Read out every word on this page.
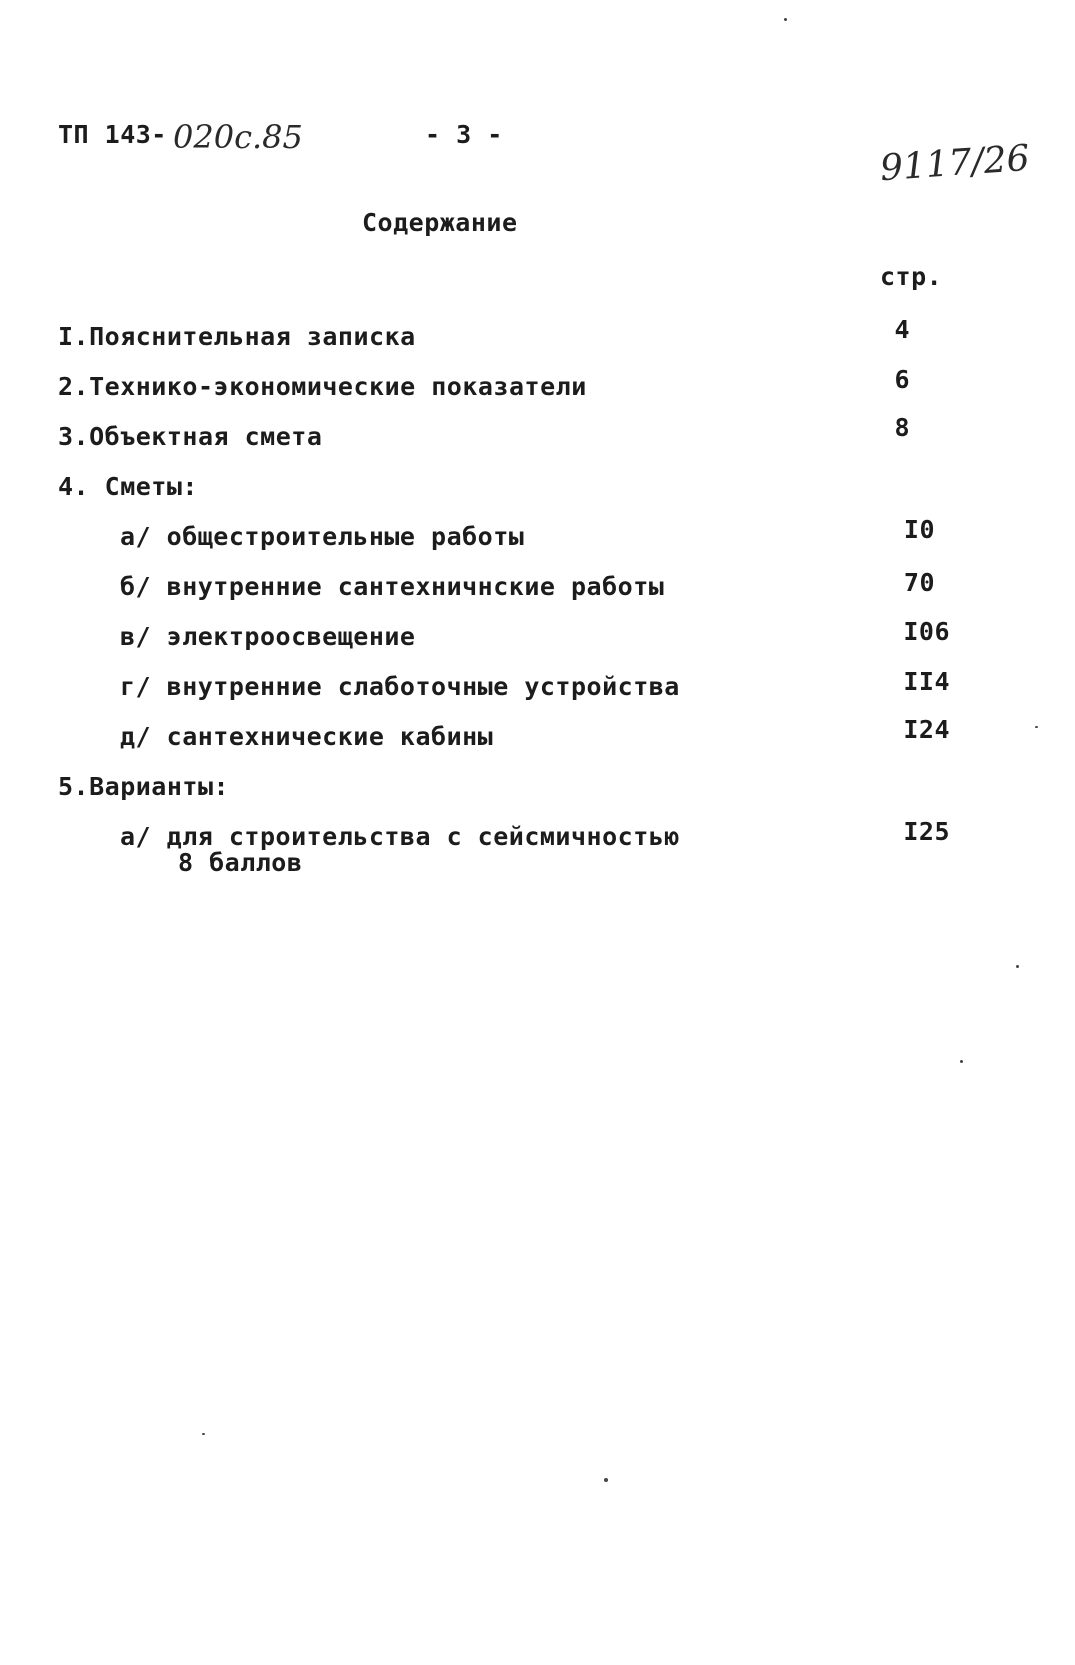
ТП 143- 020с.85	- 3 -
9117/26
Содержание
стр.
I.Пояснительная записка	4
2.Технико-экономические показатели	6
3.Объектная смета	8
4. Сметы:
а/ общестроительные работы	I0
б/ внутренние сантехничнские работы	70
в/ электроосвещение	I06
г/ внутренние слаботочные устройства	II4
д/ сантехнические кабины	I24
5.Варианты:
а/ для строительства с сейсмичностью	I25
8 баллов
